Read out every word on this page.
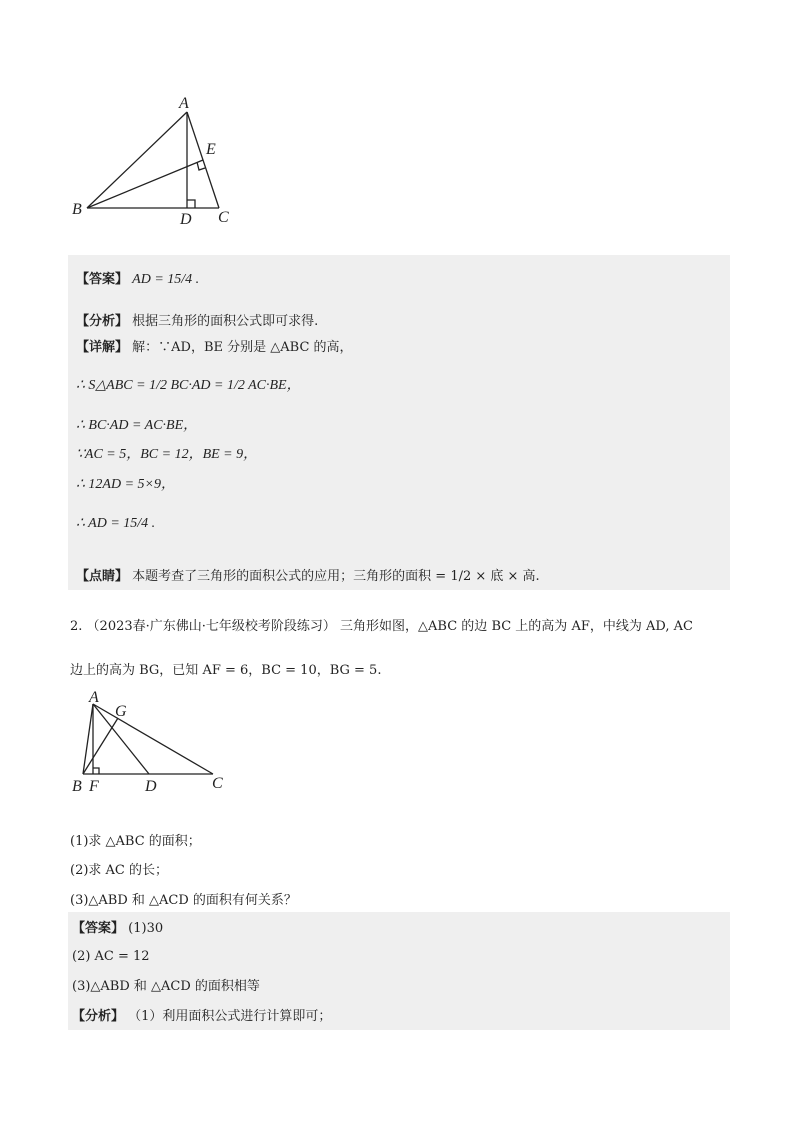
A
E
B
D C
【答案】 AD = 15/4 .
【分析】 根据三角形的面积公式即可求得.
【详解】 解：∵AD，BE 分别是 △ABC 的高，
∴ S△ABC = 1/2 BC·AD = 1/2 AC·BE，
∴ BC·AD = AC·BE，
∵AC = 5，BC = 12，BE = 9，
∴ 12AD = 5×9，
∴ AD = 15/4 .
【点睛】 本题考查了三角形的面积公式的应用；三角形的面积 = 1/2 × 底 × 高.
2. （2023春·广东佛山·七年级校考阶段练习） 三角形如图，△ABC 的边 BC 上的高为 AF，中线为 AD, AC
边上的高为 BG，已知 AF = 6，BC = 10，BG = 5.
A
G
B F	D	C
(1)求 △ABC 的面积；
(2)求 AC 的长；
(3)△ABD 和 △ACD 的面积有何关系？
【答案】 (1)30
(2) AC = 12
(3)△ABD 和 △ACD 的面积相等
【分析】 （1）利用面积公式进行计算即可；
